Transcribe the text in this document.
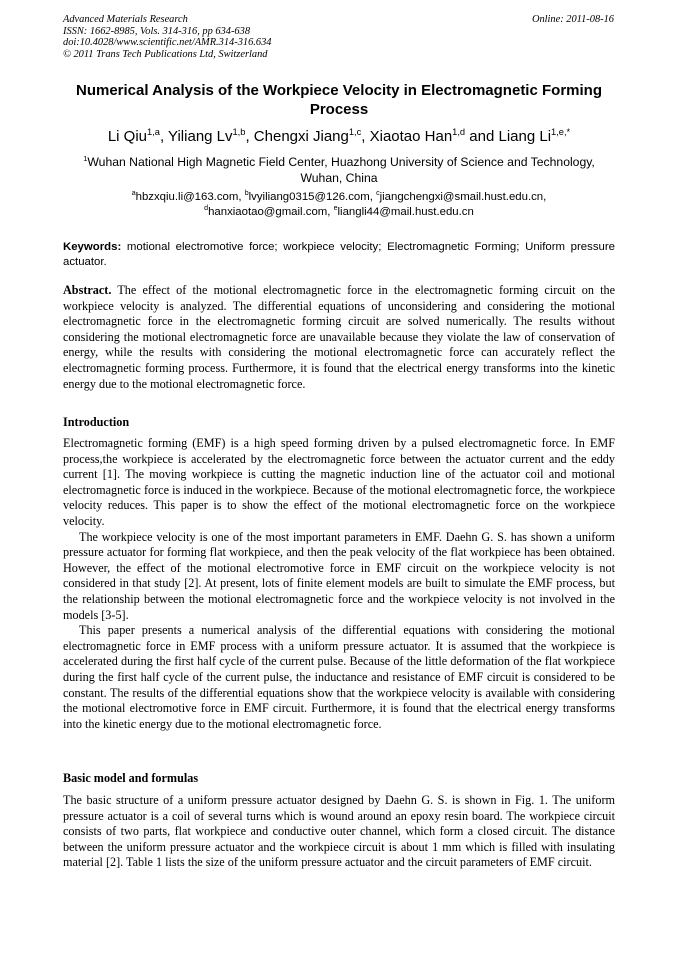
Advanced Materials Research
ISSN: 1662-8985, Vols. 314-316, pp 634-638
doi:10.4028/www.scientific.net/AMR.314-316.634
© 2011 Trans Tech Publications Ltd, Switzerland
Online: 2011-08-16
Numerical Analysis of the Workpiece Velocity in Electromagnetic Forming Process
Li Qiu$^{1,a}$, Yiliang Lv$^{1,b}$, Chengxi Jiang$^{1,c}$, Xiaotao Han$^{1,d}$ and Liang $Li^{1,e,*}$
$^1$Wuhan National High Magnetic Field Center, Huazhong University of Science and Technology, Wuhan, China
$^a$hbzxqiu.li@163.com, $^b$lvyiliang0315@126.com, $^c$jiangchengxi@smail.hust.edu.cn,
$^d$hanxiaotao@gmail.com, $^e$liangli44@mail.hust.edu.cn
Keywords: motional electromotive force; workpiece velocity; Electromagnetic Forming; Uniform pressure actuator.
Abstract. The effect of the motional electromagnetic force in the electromagnetic forming circuit on the workpiece velocity is analyzed. The differential equations of unconsidering and considering the motional electromagnetic force in the electromagnetic forming circuit are solved numerically. The results without considering the motional electromagnetic force are unavailable because they violate the law of conservation of energy, while the results with considering the motional electromagnetic force can accurately reflect the electromagnetic forming process. Furthermore, it is found that the electrical energy transforms into the kinetic energy due to the motional electromagnetic force.
Introduction

Electromagnetic forming (EMF) is a high speed forming driven by a pulsed electromagnetic force. In EMF process,the workpiece is accelerated by the electromagnetic force between the actuator current and the eddy current [1]. The moving workpiece is cutting the magnetic induction line of the actuator coil and motional electromagnetic force is induced in the workpiece. Because of the motional electromagnetic force, the workpiece velocity reduces. This paper is to show the effect of the motional electromagnetic force on the workpiece velocity.

The workpiece velocity is one of the most important parameters in EMF. Daehn G. S. has shown a uniform pressure actuator for forming flat workpiece, and then the peak velocity of the flat workpiece has been obtained. However, the effect of the motional electromotive force in EMF circuit on the workpiece velocity is not considered in that study [2]. At present, lots of finite element models are built to simulate the EMF process, but the relationship between the motional electromagnetic force and the workpiece velocity is not involved in the models [3-5].

This paper presents a numerical analysis of the differential equations with considering the motional electromagnetic force in EMF process with a uniform pressure actuator. It is assumed that the workpiece is accelerated during the first half cycle of the current pulse. Because of the little deformation of the flat workpiece during the first half cycle of the current pulse, the inductance and resistance of EMF circuit is considered to be constant. The results of the differential equations show that the workpiece velocity is available with considering the motional electromotive force in EMF circuit. Furthermore, it is found that the electrical energy transforms into the kinetic energy due to the motional electromagnetic force.

Basic model and formulas

The basic structure of a uniform pressure actuator designed by Daehn G. S. is shown in Fig. 1. The uniform pressure actuator is a coil of several turns which is wound around an epoxy resin board. The workpiece circuit consists of two parts, flat workpiece and conductive outer channel, which form a closed circuit. The distance between the uniform pressure actuator and the workpiece circuit is about 1 mm which is filled with insulating material [2]. Table 1 lists the size of the uniform pressure actuator and the circuit parameters of EMF circuit.
